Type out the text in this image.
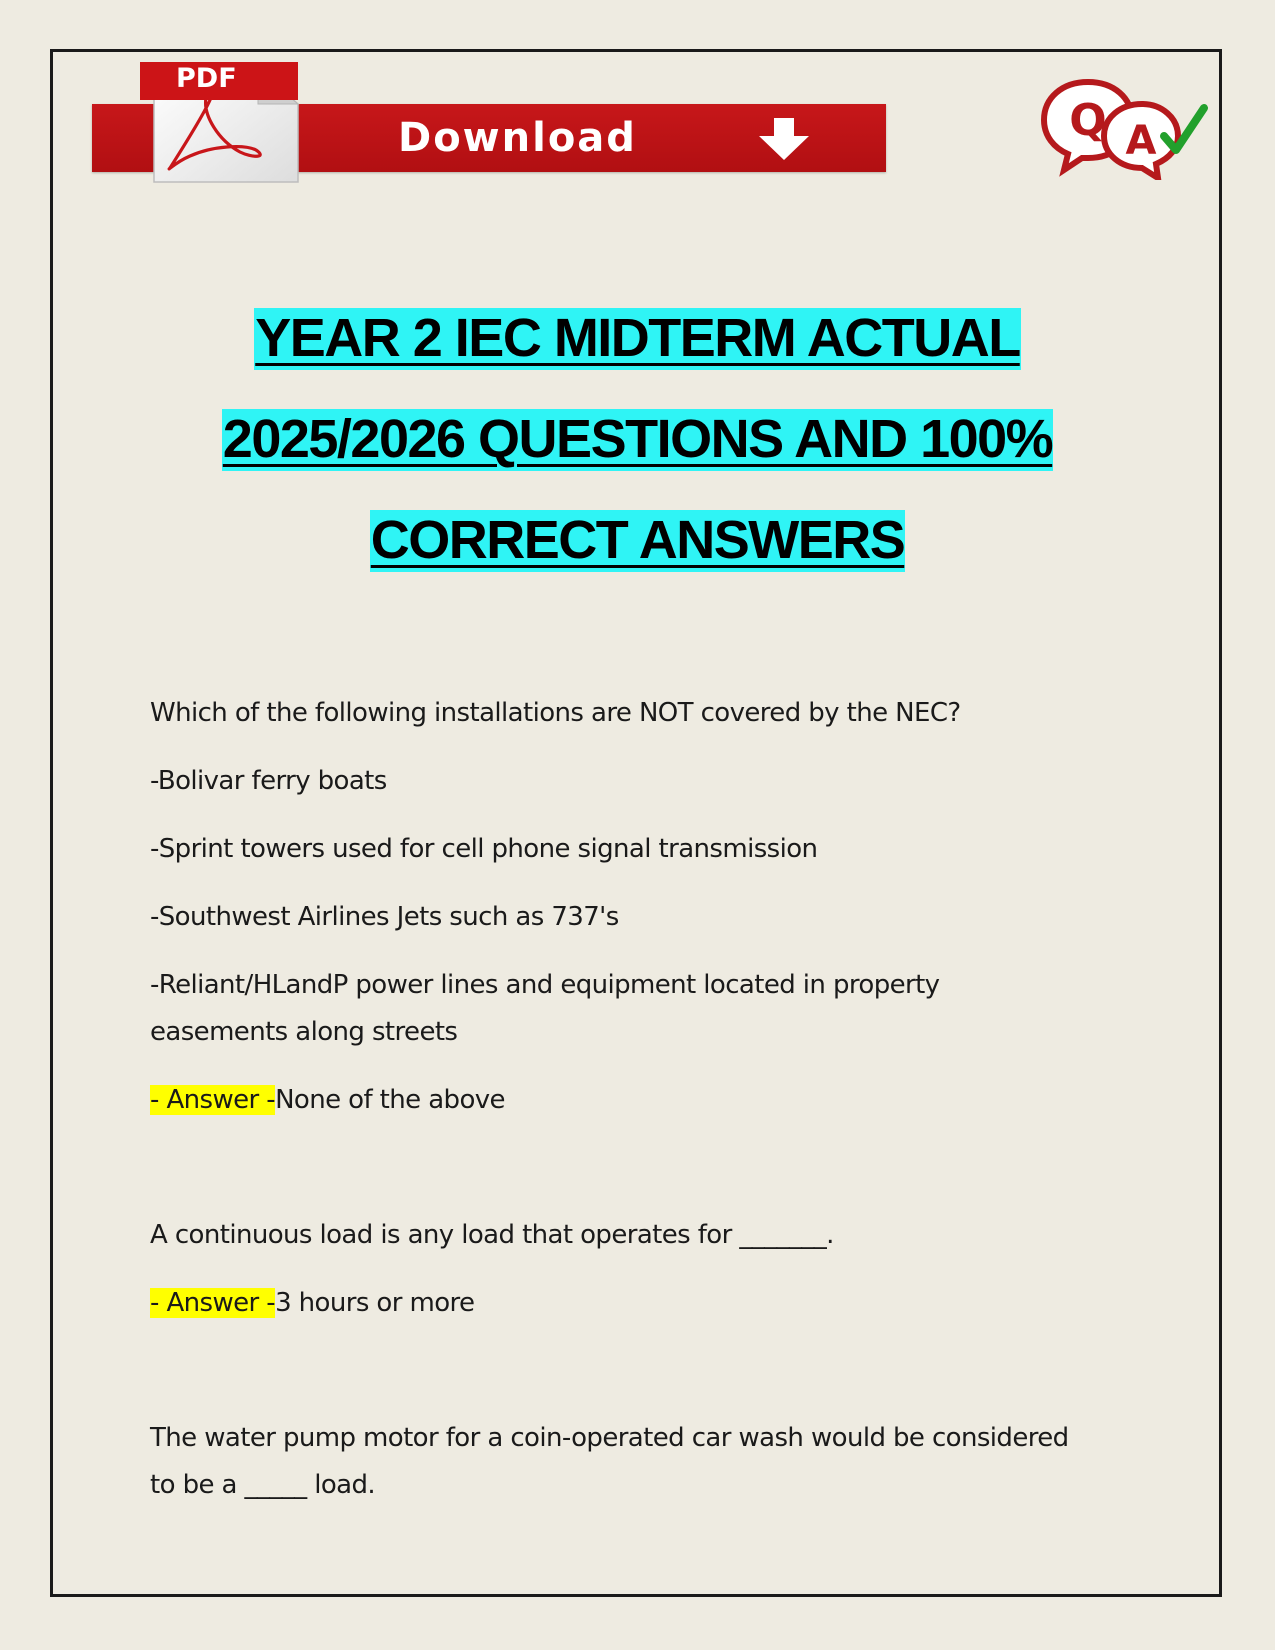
Download
PDF
Q A
YEAR 2 IEC MIDTERM ACTUAL
2025/2026 QUESTIONS AND 100%
CORRECT ANSWERS

Which of the following installations are NOT covered by the NEC?

-Bolivar ferry boats

-Sprint towers used for cell phone signal transmission

-Southwest Airlines Jets such as 737's

-Reliant/HLandP power lines and equipment located in property easements along streets

- Answer -None of the above

A continuous load is any load that operates for _______.

- Answer -3 hours or more

The water pump motor for a coin-operated car wash would be considered to be a _____ load.
